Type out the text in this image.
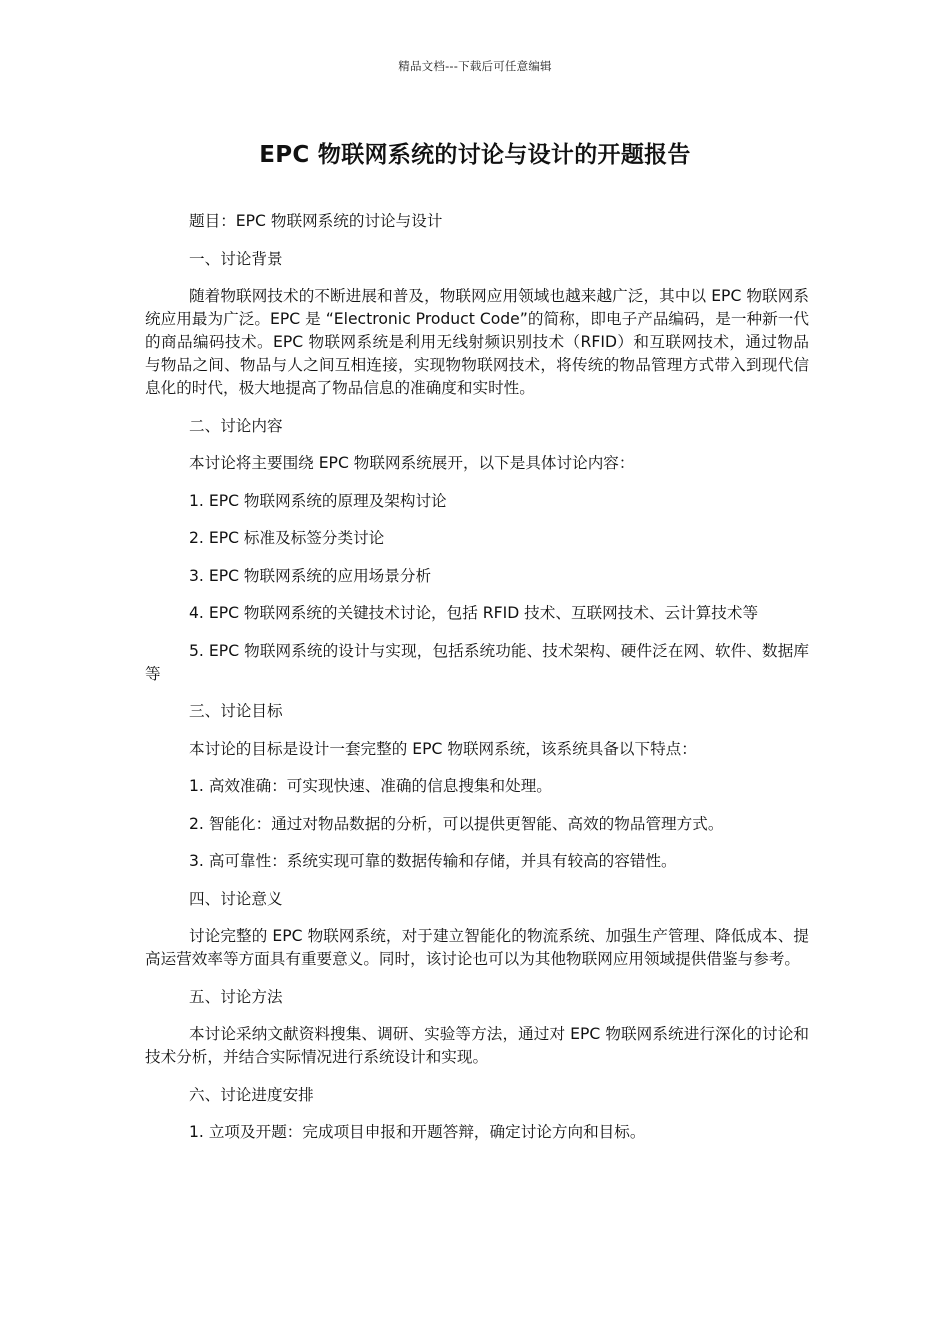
精品文档---下载后可任意编辑
EPC 物联网系统的讨论与设计的开题报告

题目：EPC 物联网系统的讨论与设计

一、讨论背景

随着物联网技术的不断进展和普及，物联网应用领域也越来越广泛，其中以 EPC 物联网系统应用最为广泛。EPC 是 “Electronic Product Code”的简称，即电子产品编码，是一种新一代的商品编码技术。EPC 物联网系统是利用无线射频识别技术（RFID）和互联网技术，通过物品与物品之间、物品与人之间互相连接，实现物物联网技术，将传统的物品管理方式带入到现代信息化的时代，极大地提高了物品信息的准确度和实时性。

二、讨论内容

本讨论将主要围绕 EPC 物联网系统展开，以下是具体讨论内容：

1. EPC 物联网系统的原理及架构讨论

2. EPC 标准及标签分类讨论

3. EPC 物联网系统的应用场景分析

4. EPC 物联网系统的关键技术讨论，包括 RFID 技术、互联网技术、云计算技术等

5. EPC 物联网系统的设计与实现，包括系统功能、技术架构、硬件泛在网、软件、数据库等

三、讨论目标

本讨论的目标是设计一套完整的 EPC 物联网系统，该系统具备以下特点：

1. 高效准确：可实现快速、准确的信息搜集和处理。

2. 智能化：通过对物品数据的分析，可以提供更智能、高效的物品管理方式。

3. 高可靠性：系统实现可靠的数据传输和存储，并具有较高的容错性。

四、讨论意义

讨论完整的 EPC 物联网系统，对于建立智能化的物流系统、加强生产管理、降低成本、提高运营效率等方面具有重要意义。同时，该讨论也可以为其他物联网应用领域提供借鉴与参考。

五、讨论方法

本讨论采纳文献资料搜集、调研、实验等方法，通过对 EPC 物联网系统进行深化的讨论和技术分析，并结合实际情况进行系统设计和实现。

六、讨论进度安排

1. 立项及开题：完成项目申报和开题答辩，确定讨论方向和目标。
